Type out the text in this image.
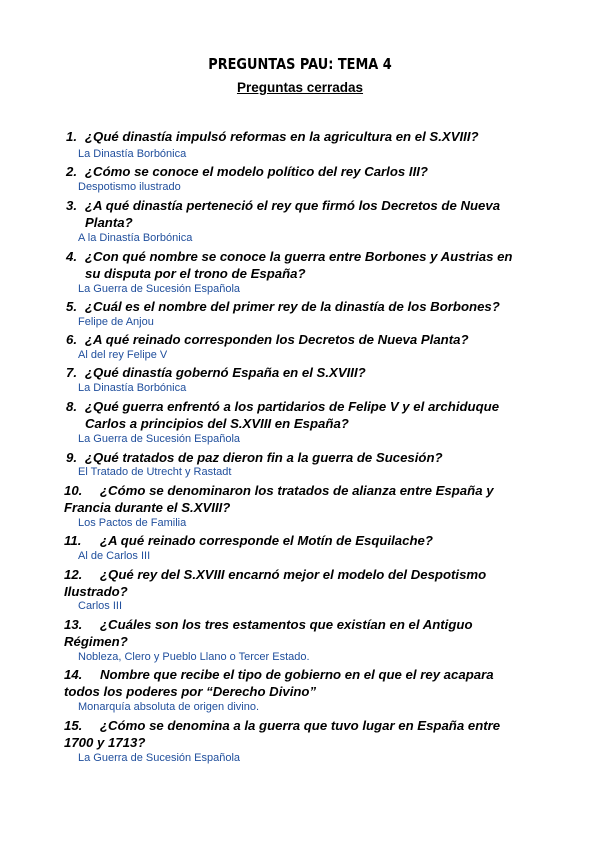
PREGUNTAS PAU: TEMA 4
Preguntas cerradas
1. ¿Qué dinastía impulsó reformas en la agricultura en el S.XVIII?
La Dinastía Borbónica
2. ¿Cómo se conoce el modelo político del rey Carlos III?
Despotismo ilustrado
3. ¿A qué dinastía perteneció el rey que firmó los Decretos de Nueva
Planta?
A la Dinastía Borbónica
4. ¿Con qué nombre se conoce la guerra entre Borbones y Austrias en
su disputa por el trono de España?
La Guerra de Sucesión Española
5. ¿Cuál es el nombre del primer rey de la dinastía de los Borbones?
Felipe de Anjou
6. ¿A qué reinado corresponden los Decretos de Nueva Planta?
Al del rey Felipe V
7. ¿Qué dinastía gobernó España en el S.XVIII?
La Dinastía Borbónica
8. ¿Qué guerra enfrentó a los partidarios de Felipe V y el archiduque
Carlos a principios del S.XVIII en España?
La Guerra de Sucesión Española
9. ¿Qué tratados de paz dieron fin a la guerra de Sucesión?
El Tratado de Utrecht y Rastadt
10. ¿Cómo se denominaron los tratados de alianza entre España y
Francia durante el S.XVIII?
Los Pactos de Familia
11. ¿A qué reinado corresponde el Motín de Esquilache?
Al de Carlos III
12. ¿Qué rey del S.XVIII encarnó mejor el modelo del Despotismo
Ilustrado?
Carlos III
13. ¿Cuáles son los tres estamentos que existían en el Antiguo
Régimen?
Nobleza, Clero y Pueblo Llano o Tercer Estado.
14. Nombre que recibe el tipo de gobierno en el que el rey acapara
todos los poderes por “Derecho Divino”
Monarquía absoluta de origen divino.
15. ¿Cómo se denomina a la guerra que tuvo lugar en España entre
1700 y 1713?
La Guerra de Sucesión Española
